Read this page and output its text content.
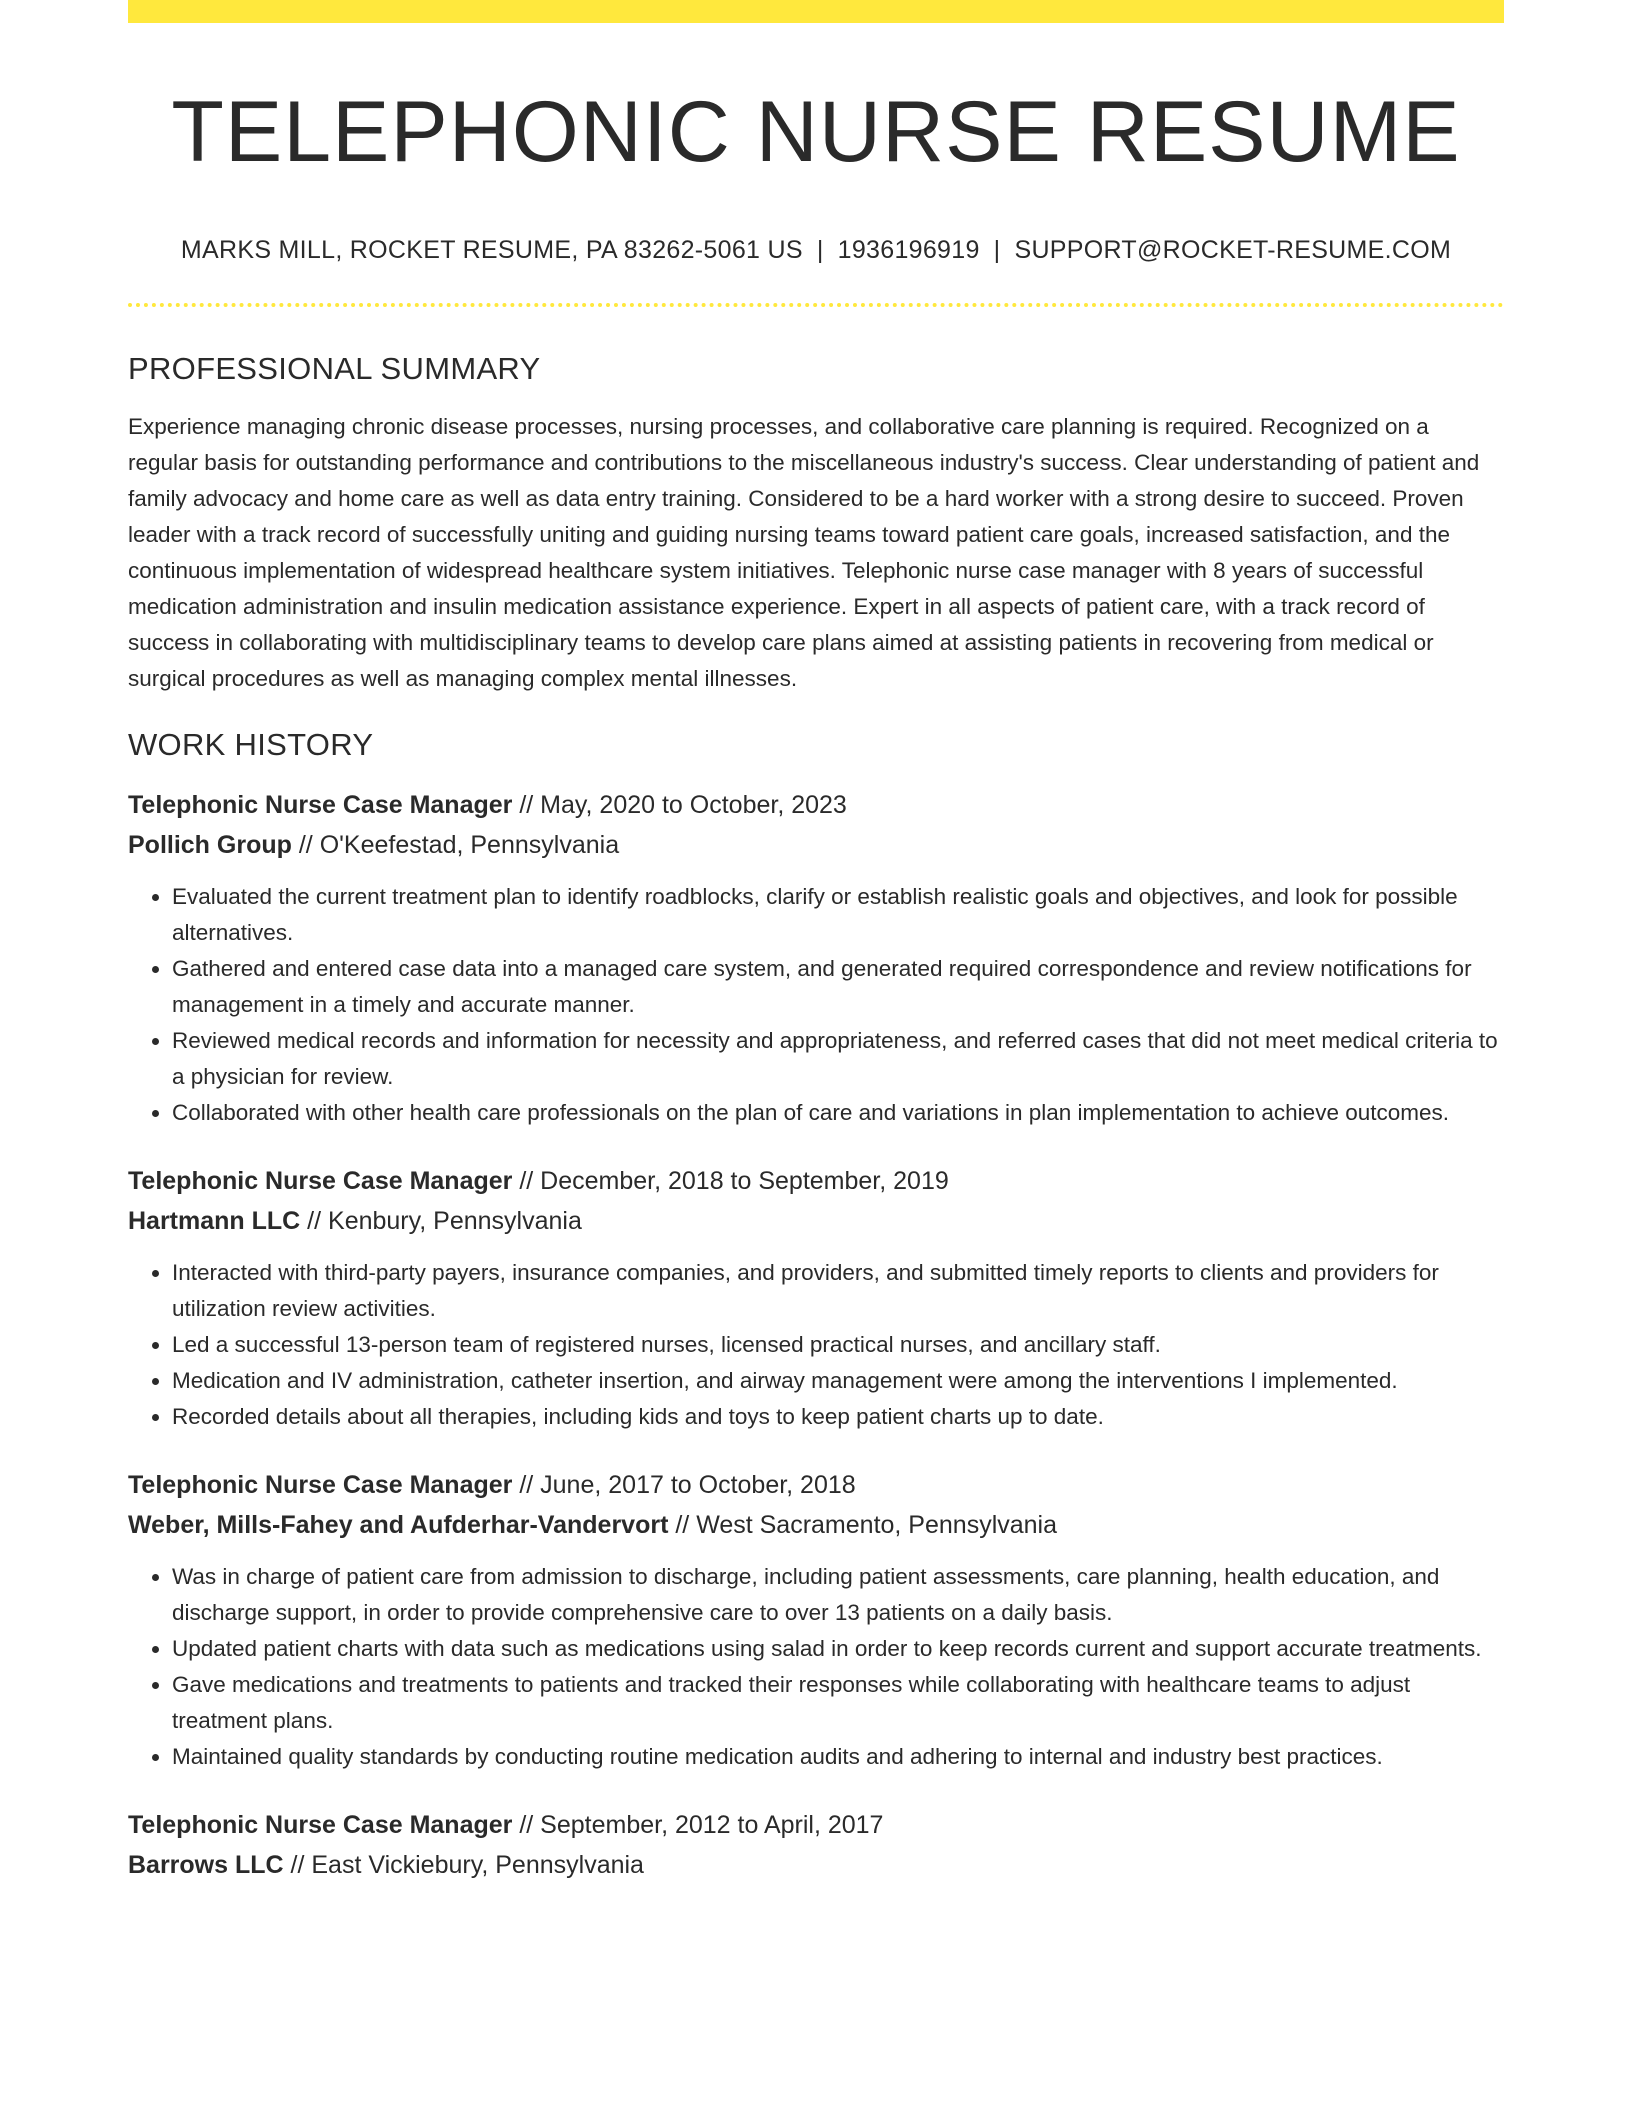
TELEPHONIC NURSE RESUME
MARKS MILL, ROCKET RESUME, PA 83262-5061 US | 1936196919 | SUPPORT@ROCKET-RESUME.COM
PROFESSIONAL SUMMARY

Experience managing chronic disease processes, nursing processes, and collaborative care planning is required. Recognized on a regular basis for outstanding performance and contributions to the miscellaneous industry's success. Clear understanding of patient and family advocacy and home care as well as data entry training. Considered to be a hard worker with a strong desire to succeed. Proven leader with a track record of successfully uniting and guiding nursing teams toward patient care goals, increased satisfaction, and the continuous implementation of widespread healthcare system initiatives. Telephonic nurse case manager with 8 years of successful medication administration and insulin medication assistance experience. Expert in all aspects of patient care, with a track record of success in collaborating with multidisciplinary teams to develop care plans aimed at assisting patients in recovering from medical or surgical procedures as well as managing complex mental illnesses.

WORK HISTORY
Telephonic Nurse Case Manager // May, 2020 to October, 2023
Pollich Group // O'Keefestad, Pennsylvania
• Evaluated the current treatment plan to identify roadblocks, clarify or establish realistic goals and objectives, and look for possible alternatives.
• Gathered and entered case data into a managed care system, and generated required correspondence and review notifications for management in a timely and accurate manner.
• Reviewed medical records and information for necessity and appropriateness, and referred cases that did not meet medical criteria to a physician for review.
• Collaborated with other health care professionals on the plan of care and variations in plan implementation to achieve outcomes.
Telephonic Nurse Case Manager // December, 2018 to September, 2019
Hartmann LLC // Kenbury, Pennsylvania
• Interacted with third-party payers, insurance companies, and providers, and submitted timely reports to clients and providers for utilization review activities.
• Led a successful 13-person team of registered nurses, licensed practical nurses, and ancillary staff.
• Medication and IV administration, catheter insertion, and airway management were among the interventions I implemented.
• Recorded details about all therapies, including kids and toys to keep patient charts up to date.
Telephonic Nurse Case Manager // June, 2017 to October, 2018
Weber, Mills-Fahey and Aufderhar-Vandervort // West Sacramento, Pennsylvania
• Was in charge of patient care from admission to discharge, including patient assessments, care planning, health education, and discharge support, in order to provide comprehensive care to over 13 patients on a daily basis.
• Updated patient charts with data such as medications using salad in order to keep records current and support accurate treatments.
• Gave medications and treatments to patients and tracked their responses while collaborating with healthcare teams to adjust treatment plans.
• Maintained quality standards by conducting routine medication audits and adhering to internal and industry best practices.
Telephonic Nurse Case Manager // September, 2012 to April, 2017
Barrows LLC // East Vickiebury, Pennsylvania
